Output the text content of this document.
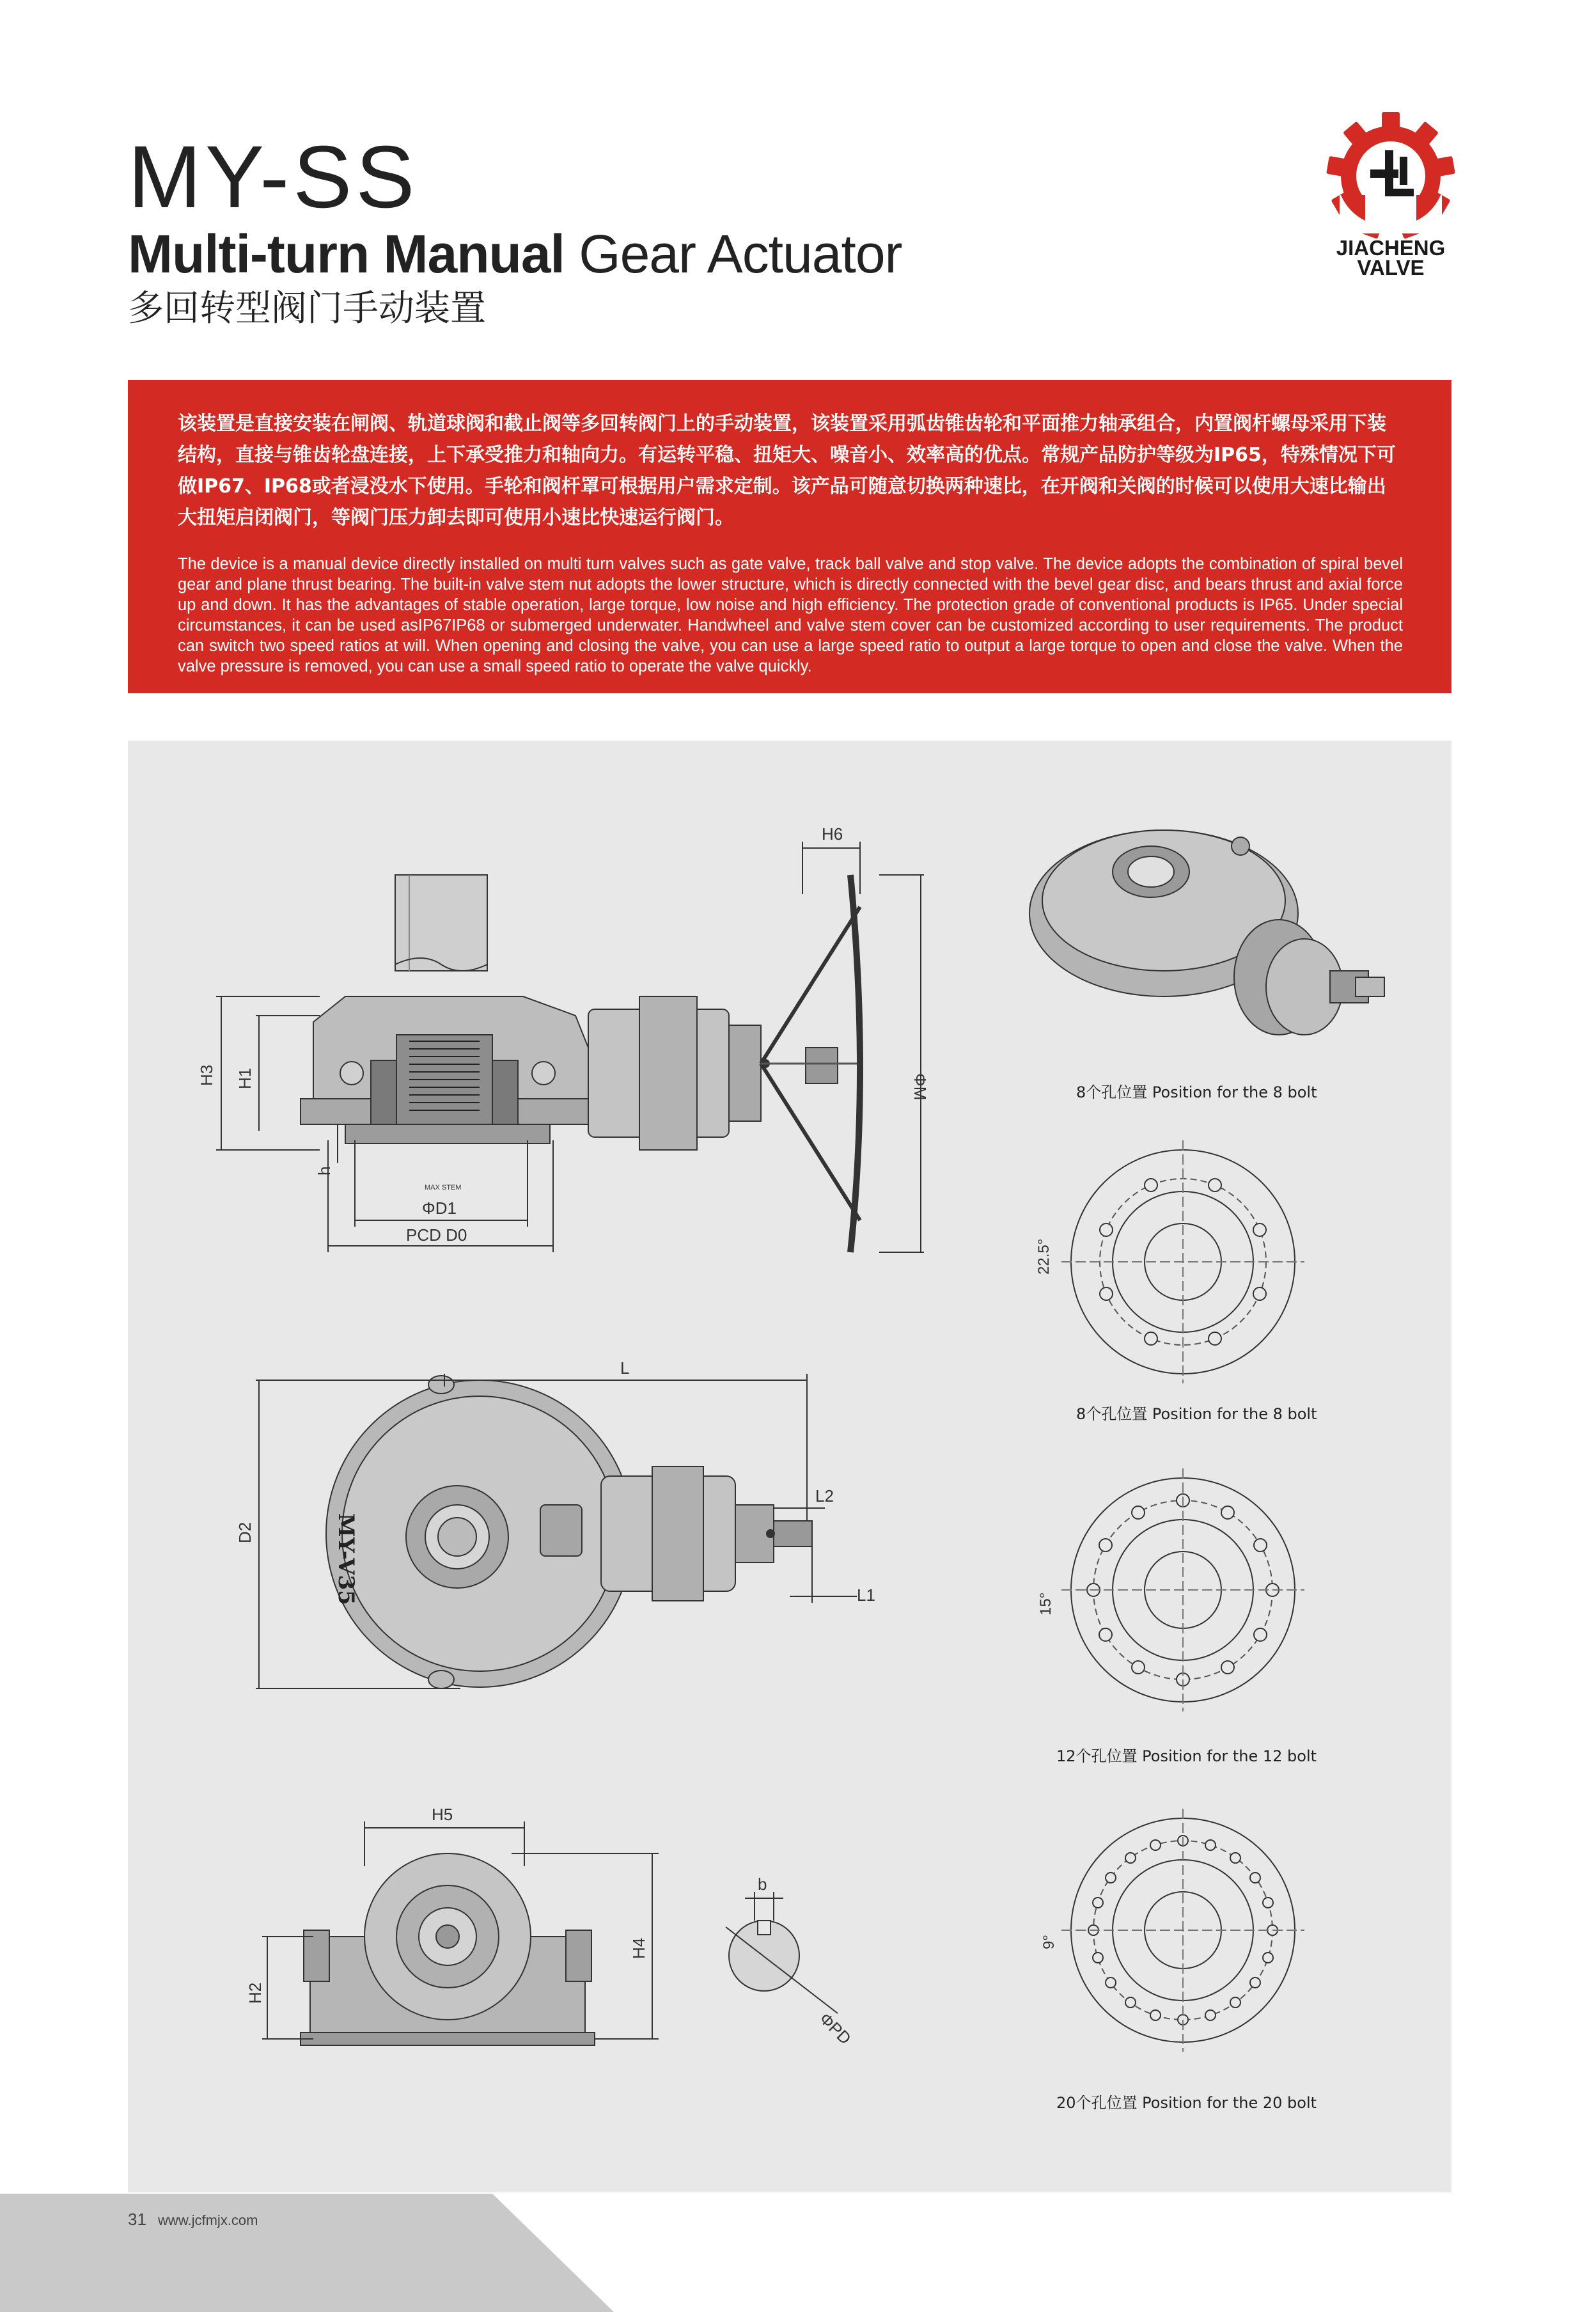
MY-SS
Multi-turn Manual Gear Actuator
多回转型阀门手动装置
JIACHENG
VALVE

该装置是直接安装在闸阀、轨道球阀和截止阀等多回转阀门上的手动装置，该装置采用弧齿锥齿轮和平面推力轴承组合，内置阀杆螺母采用下装结构，直接与锥齿轮盘连接，上下承受推力和轴向力。有运转平稳、扭矩大、噪音小、效率高的优点。常规产品防护等级为IP65，特殊情况下可做IP67、IP68或者浸没水下使用。手轮和阀杆罩可根据用户需求定制。该产品可随意切换两种速比，在开阀和关阀的时候可以使用大速比输出大扭矩启闭阀门，等阀门压力卸去即可使用小速比快速运行阀门。

The device is a manual device directly installed on multi turn valves such as gate valve, track ball valve and stop valve. The device adopts the combination of spiral bevel gear and plane thrust bearing. The built-in valve stem nut adopts the lower structure, which is directly connected with the bevel gear disc, and bears thrust and axial force up and down. It has the advantages of stable operation, large torque, low noise and high efficiency. The protection grade of conventional products is IP65. Under special circumstances, it can be used asIP67IP68 or submerged underwater. Handwheel and valve stem cover can be customized according to user requirements. The product can switch two speed ratios at will. When opening and closing the valve, you can use a large speed ratio to output a large torque to open and close the valve. When the valve pressure is removed, you can use a small speed ratio to operate the valve quickly.

H6
ΦM
H3 H1
h
MAX STEM
ΦD1
PCD D0
22.5°
MY-V35
L
L2
L1
D2
15°
H5
H2
H4
b
ΦPD
9°
8个孔位置 Position for the 8 bolt
8个孔位置 Position for the 8 bolt
12个孔位置 Position for the 12 bolt
20个孔位置 Position for the 20 bolt
31 www.jcfmjx.com
